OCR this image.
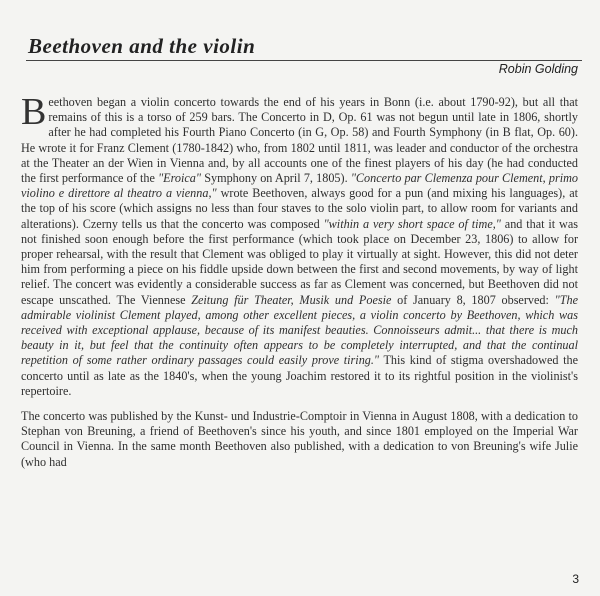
Beethoven and the violin
Robin Golding

Beethoven began a violin concerto towards the end of his years in Bonn (i.e. about 1790-92), but all that remains of this is a torso of 259 bars. The Concerto in D, Op. 61 was not begun until late in 1806, shortly after he had completed his Fourth Piano Concerto (in G, Op. 58) and Fourth Symphony (in B flat, Op. 60). He wrote it for Franz Clement (1780-1842) who, from 1802 until 1811, was leader and conductor of the orchestra at the Theater an der Wien in Vienna and, by all accounts one of the finest players of his day (he had conducted the first performance of the "Eroica" Symphony on April 7, 1805). "Concerto par Clemenza pour Clement, primo violino e direttore al theatro a vienna," wrote Beethoven, always good for a pun (and mixing his languages), at the top of his score (which assigns no less than four staves to the solo violin part, to allow room for variants and alterations). Czerny tells us that the concerto was composed "within a very short space of time," and that it was not finished soon enough before the first performance (which took place on December 23, 1806) to allow for proper rehearsal, with the result that Clement was obliged to play it virtually at sight. However, this did not deter him from performing a piece on his fiddle upside down between the first and second movements, by way of light relief. The concert was evidently a considerable success as far as Clement was concerned, but Beethoven did not escape unscathed. The Viennese Zeitung für Theater, Musik und Poesie of January 8, 1807 observed: "The admirable violinist Clement played, among other excellent pieces, a violin concerto by Beethoven, which was received with exceptional applause, because of its manifest beauties. Connoisseurs admit... that there is much beauty in it, but feel that the continuity often appears to be completely interrupted, and that the continual repetition of some rather ordinary passages could easily prove tiring." This kind of stigma overshadowed the concerto until as late as the 1840's, when the young Joachim restored it to its rightful position in the violinist's repertoire.

The concerto was published by the Kunst- und Industrie-Comptoir in Vienna in August 1808, with a dedication to Stephan von Breuning, a friend of Beethoven's since his youth, and since 1801 employed on the Imperial War Council in Vienna. In the same month Beethoven also published, with a dedication to von Breuning's wife Julie (who had

3
